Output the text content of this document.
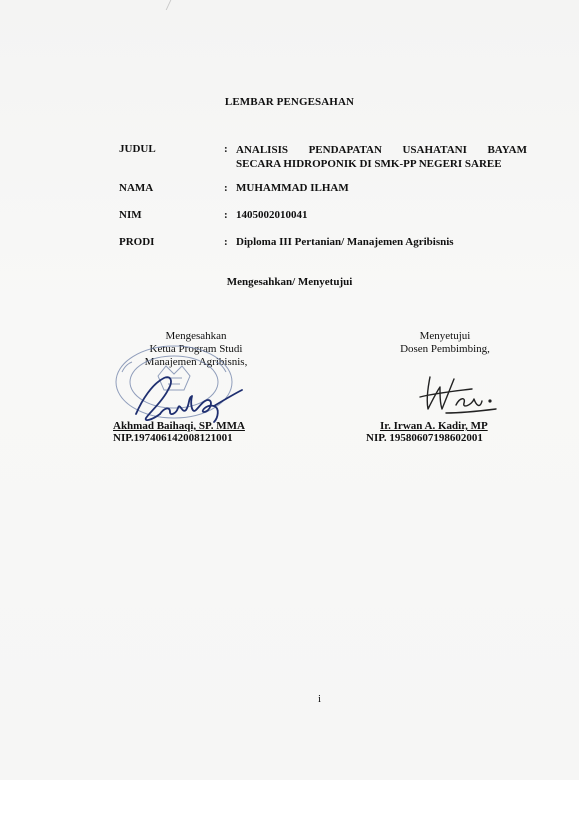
LEMBAR PENGESAHAN
JUDUL	: ANALISIS PENDAPATAN USAHATANI BAYAM
SECARA HIDROPONIK DI SMK-PP NEGERI SAREE
NAMA	: MUHAMMAD ILHAM
NIM	: 1405002010041
PRODI	: Diploma III Pertanian/ Manajemen Agribisnis
Mengesahkan/ Menyetujui
Mengesahkan
Ketua Program Studi
Manajemen Agribisnis,
Akhmad Baihaqi, SP. MMA
NIP.197406142008121001
Menyetujui
Dosen Pembimbing,
Ir. Irwan A. Kadir, MP
NIP. 19580607198602001
i
